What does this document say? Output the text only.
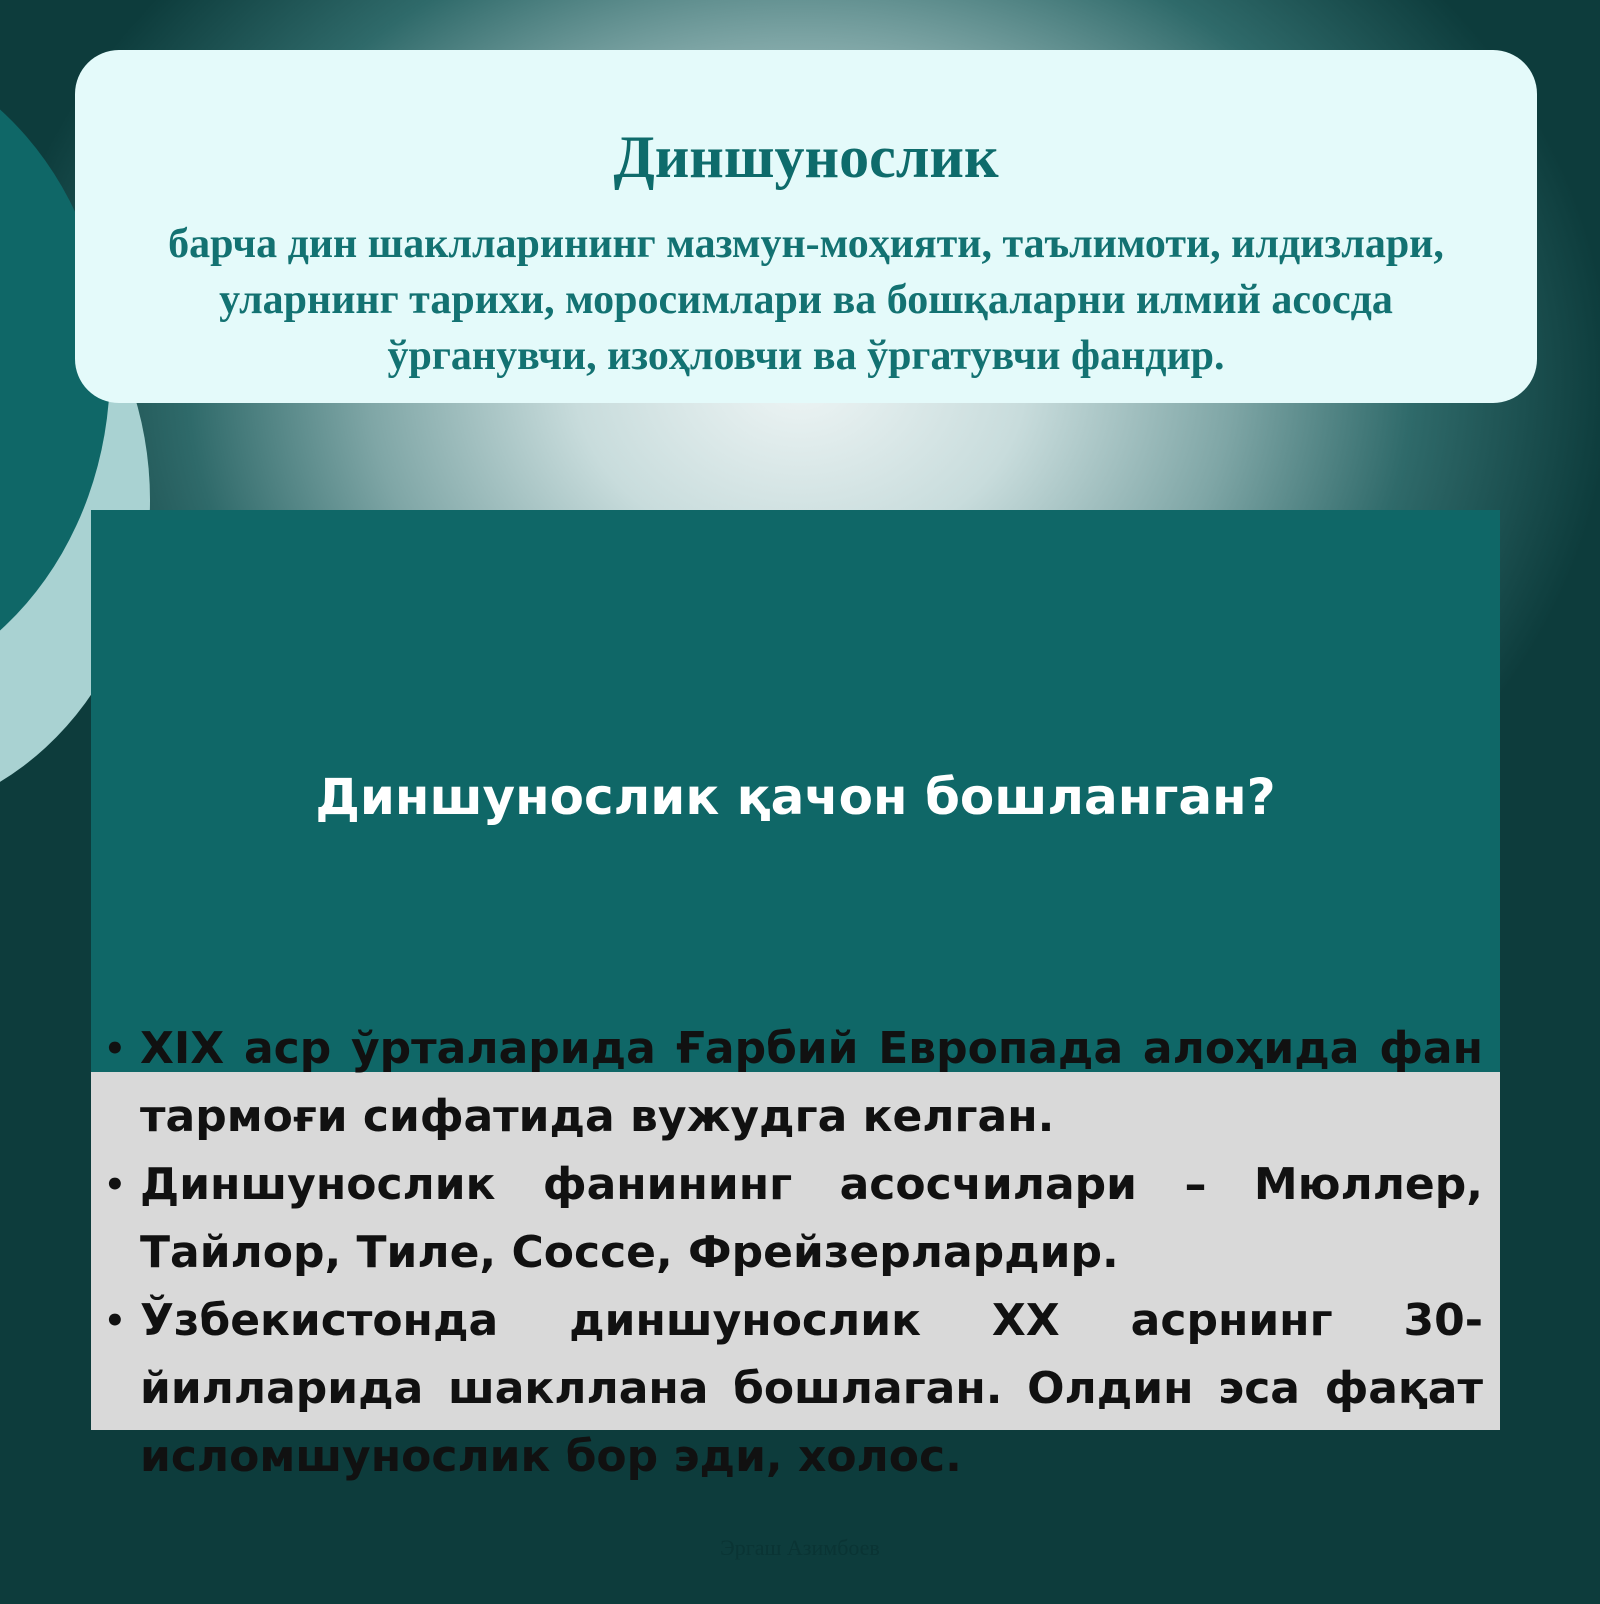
Диншунослик
барча дин шаклларининг мазмун-моҳияти, таълимоти, илдизлари, уларнинг тарихи, моросимлари ва бошқаларни илмий асосда ўрганувчи, изоҳловчи ва ўргатувчи фандир.
Диншунослик қачон бошланган?
• XIX аср ўрталарида Ғарбий Европада алоҳида фан тармоғи сифатида вужудга келган.
• Диншунослик фанининг асосчилари – Мюллер, Тайлор, Тиле, Соссе, Фрейзерлардир.
• Ўзбекистонда диншунослик XX асрнинг 30-йилларида шакллана бошлаган. Олдин эса фақат исломшунослик бор эди, холос.
Эргаш Азимбоев
